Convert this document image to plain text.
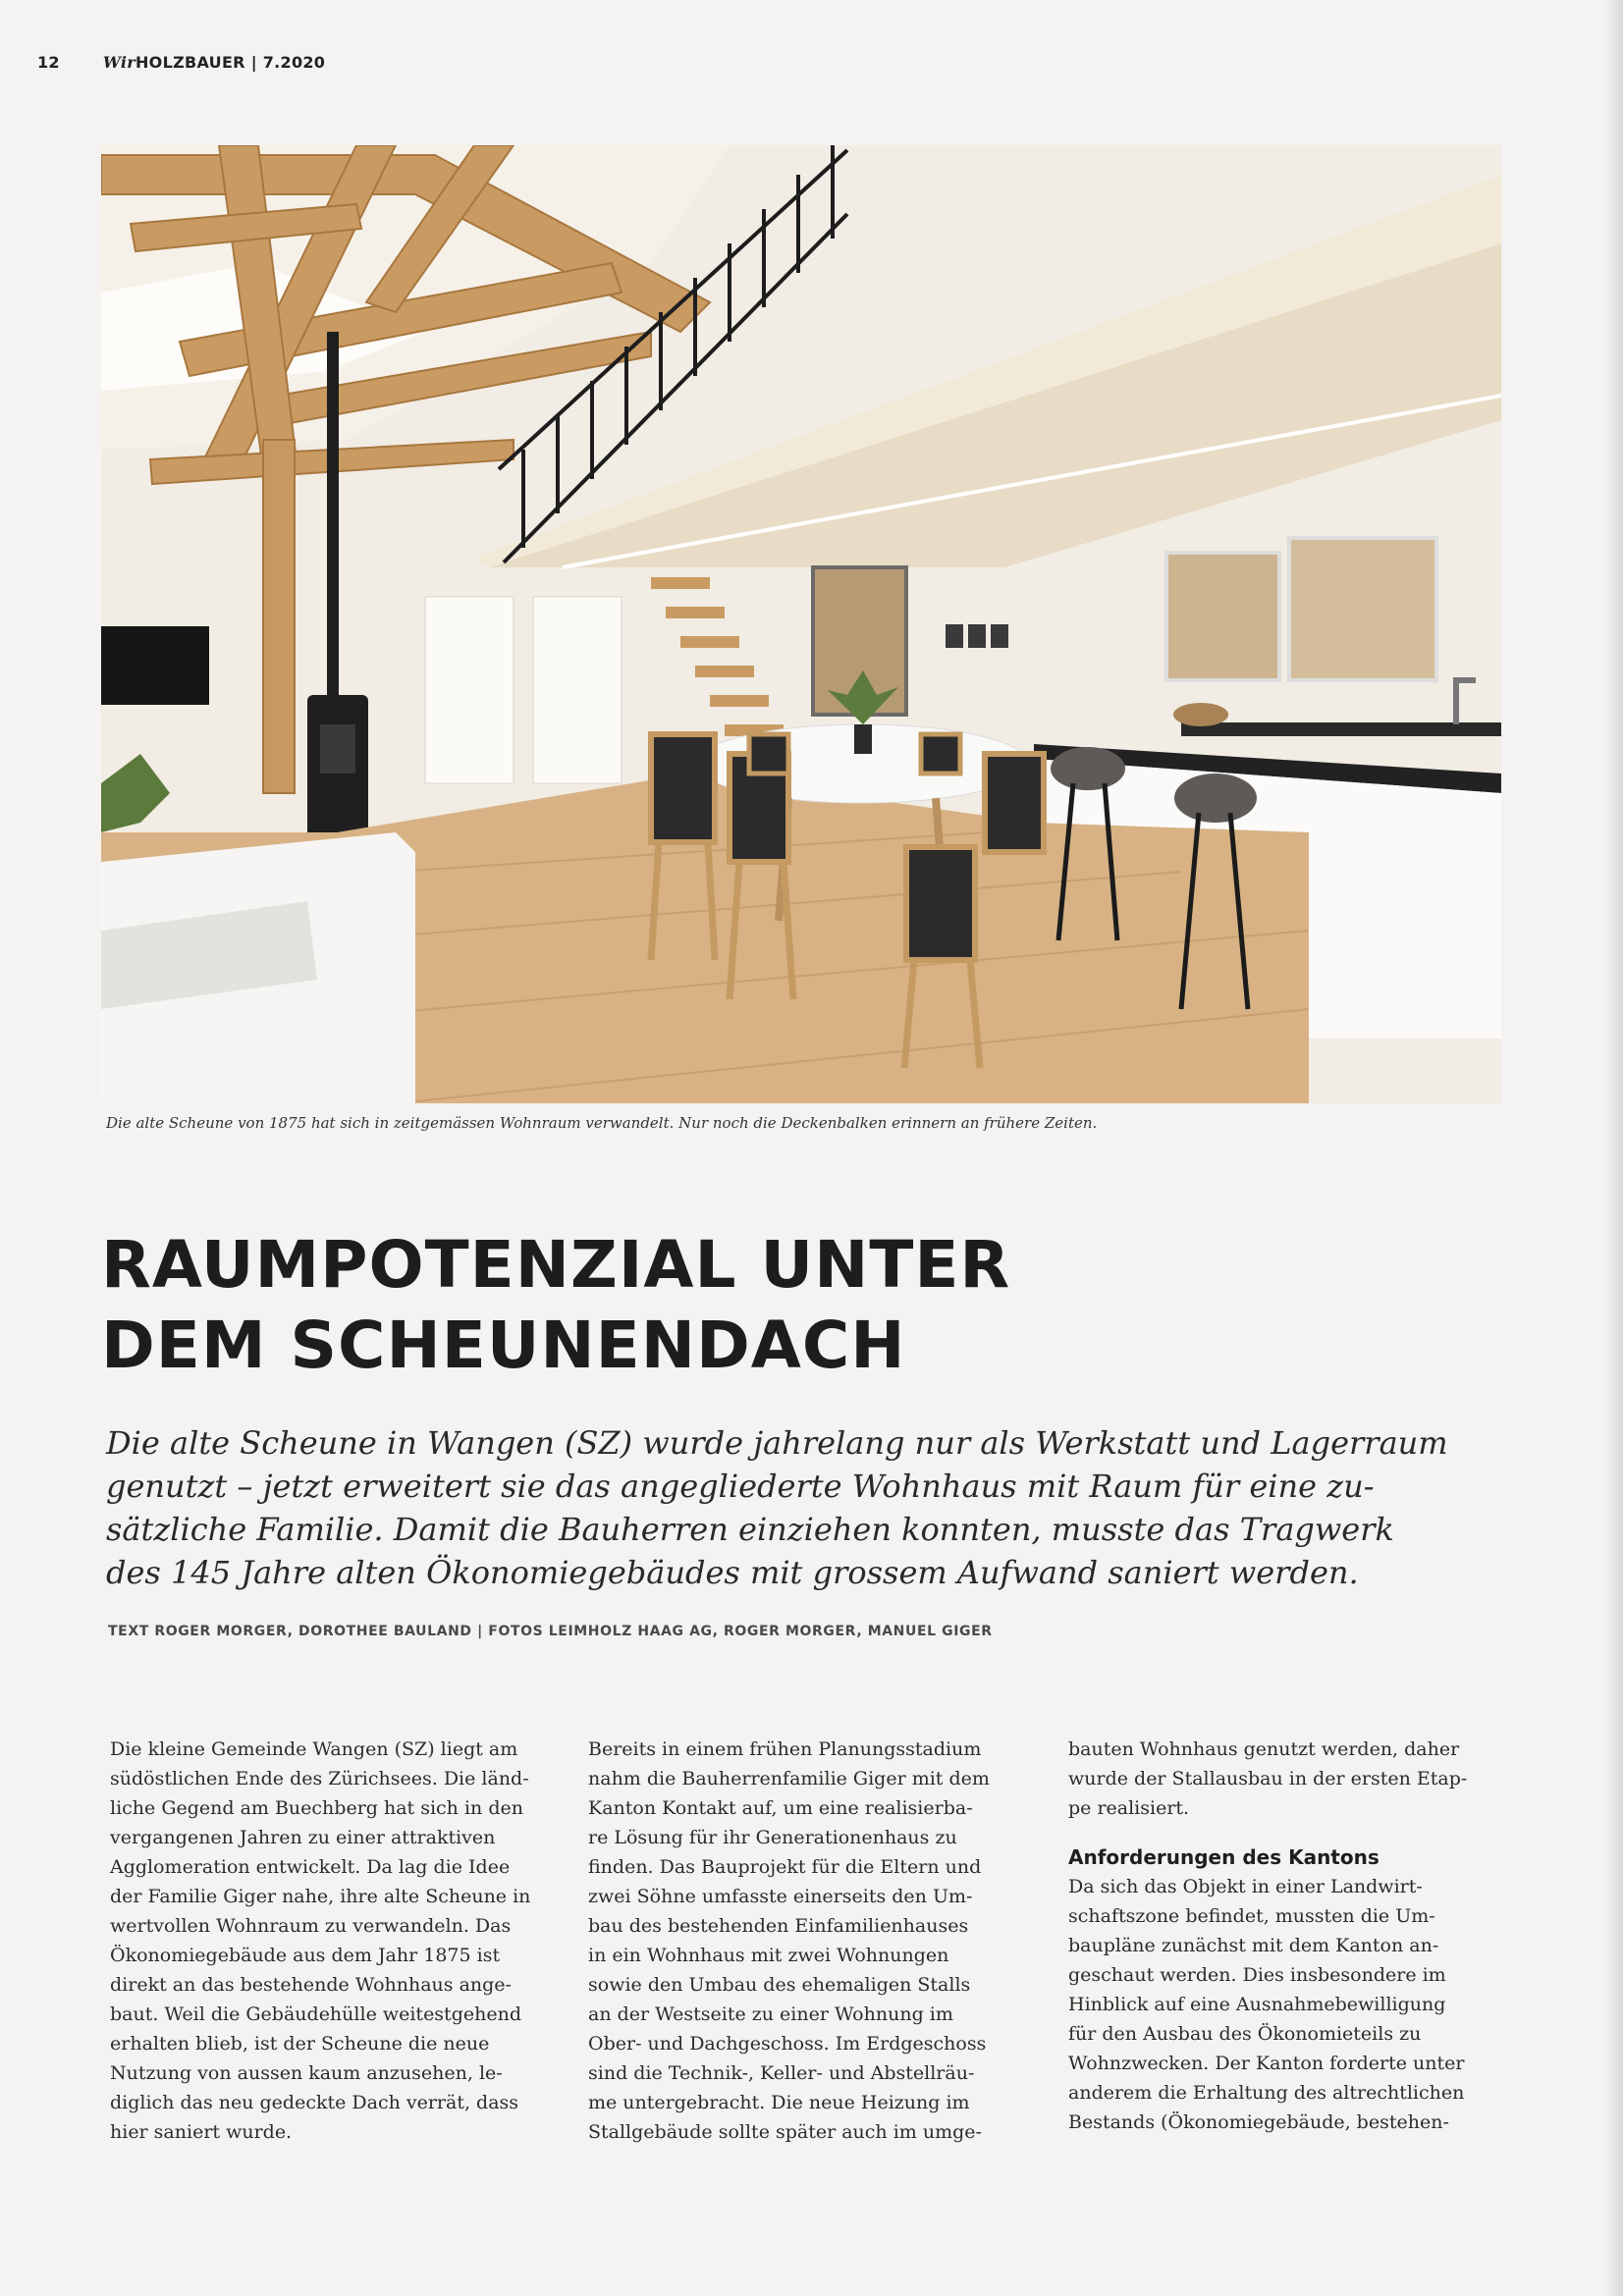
12	WirHOLZBAUER | 7.2020
Die alte Scheune von 1875 hat sich in zeitgemässen Wohnraum verwandelt. Nur noch die Deckenbalken erinnern an frühere Zeiten.
RAUMPOTENZIAL UNTER
DEM SCHEUNENDACH

Die alte Scheune in Wangen (SZ) wurde jahrelang nur als Werkstatt und Lagerraum
genutzt – jetzt erweitert sie das angegliederte Wohnhaus mit Raum für eine zu-
sätzliche Familie. Damit die Bauherren einziehen konnten, musste das Tragwerk
des 145 Jahre alten Ökonomiegebäudes mit grossem Aufwand saniert werden.

TEXT ROGER MORGER, DOROTHEE BAULAND | FOTOS LEIMHOLZ HAAG AG, ROGER MORGER, MANUEL GIGER
Die kleine Gemeinde Wangen (SZ) liegt am
südöstlichen Ende des Zürichsees. Die länd-
liche Gegend am Buechberg hat sich in den
vergangenen Jahren zu einer attraktiven
Agglomeration entwickelt. Da lag die Idee
der Familie Giger nahe, ihre alte Scheune in
wertvollen Wohnraum zu verwandeln. Das
Ökonomiegebäude aus dem Jahr 1875 ist
direkt an das bestehende Wohnhaus ange-
baut. Weil die Gebäudehülle weitestgehend
erhalten blieb, ist der Scheune die neue
Nutzung von aussen kaum anzusehen, le-
diglich das neu gedeckte Dach verrät, dass
hier saniert wurde.
Bereits in einem frühen Planungsstadium
nahm die Bauherrenfamilie Giger mit dem
Kanton Kontakt auf, um eine realisierba-
re Lösung für ihr Generationenhaus zu
finden. Das Bauprojekt für die Eltern und
zwei Söhne umfasste einerseits den Um-
bau des bestehenden Einfamilienhauses
in ein Wohnhaus mit zwei Wohnungen
sowie den Umbau des ehemaligen Stalls
an der Westseite zu einer Wohnung im
Ober- und Dachgeschoss. Im Erdgeschoss
sind die Technik-, Keller- und Abstellräu-
me untergebracht. Die neue Heizung im
Stallgebäude sollte später auch im umge-
bauten Wohnhaus genutzt werden, daher
wurde der Stallausbau in der ersten Etap-
pe realisiert.
Anforderungen des Kantons
Da sich das Objekt in einer Landwirt-
schaftszone befindet, mussten die Um-
baupläne zunächst mit dem Kanton an-
geschaut werden. Dies insbesondere im
Hinblick auf eine Ausnahmebewilligung
für den Ausbau des Ökonomieteils zu
Wohnzwecken. Der Kanton forderte unter
anderem die Erhaltung des altrechtlichen
Bestands (Ökonomiegebäude, bestehen-
